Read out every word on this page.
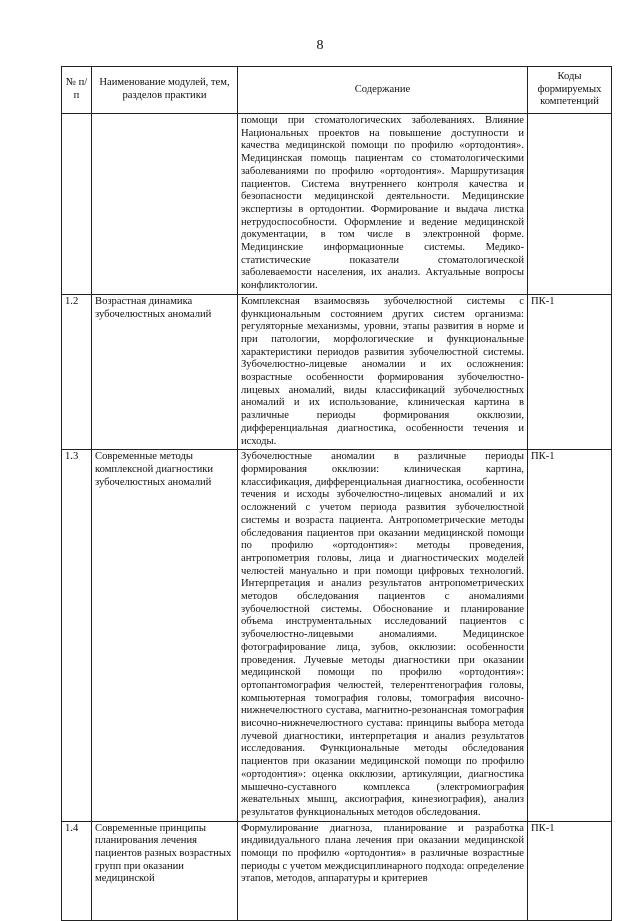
8
№ п/п	Наименование модулей, тем, разделов практики	Содержание	Коды формируемых компетенций
		помощи при стоматологических заболеваниях. Влияние Национальных проектов на повышение доступности и качества медицинской помощи по профилю «ортодонтия». Медицинская помощь пациентам со стоматологическими заболеваниями по профилю «ортодонтия». Маршрутизация пациентов. Система внутреннего контроля качества и безопасности медицинской деятельности. Медицинские экспертизы в ортодонтии. Формирование и выдача листка нетрудоспособности. Оформление и ведение медицинской документации, в том числе в электронной форме. Медицинские информационные системы. Медико-статистические показатели стоматологической заболеваемости населения, их анализ. Актуальные вопросы конфликтологии.	
1.2	Возрастная динамика зубочелюстных аномалий	Комплексная взаимосвязь зубочелюстной системы с функциональным состоянием других систем организма: регуляторные механизмы, уровни, этапы развития в норме и при патологии, морфологические и функциональные характеристики периодов развития зубочелюстной системы. Зубочелюстно-лицевые аномалии и их осложнения: возрастные особенности формирования зубочелюстно-лицевых аномалий, виды классификаций зубочелюстных аномалий и их использование, клиническая картина в различные периоды формирования окклюзии, дифференциальная диагностика, особенности течения и исходы.	ПК-1
1.3	Современные методы комплексной диагностики зубочелюстных аномалий	Зубочелюстные аномалии в различные периоды формирования окклюзии: клиническая картина, классификация, дифференциальная диагностика, особенности течения и исходы зубочелюстно-лицевых аномалий и их осложнений с учетом периода развития зубочелюстной системы и возраста пациента. Антропометрические методы обследования пациентов при оказании медицинской помощи по профилю «ортодонтия»: методы проведения, антропометрия головы, лица и диагностических моделей челюстей мануально и при помощи цифровых технологий. Интерпретация и анализ результатов антропометрических методов обследования пациентов с аномалиями зубочелюстной системы. Обоснование и планирование объема инструментальных исследований пациентов с зубочелюстно-лицевыми аномалиями. Медицинское фотографирование лица, зубов, окклюзии: особенности проведения. Лучевые методы диагностики при оказании медицинской помощи по профилю «ортодонтия»: ортопантомография челюстей, телерентгенография головы, компьютерная томография головы, томография височно-нижнечелюстного сустава, магнитно-резонансная томография височно-нижнечелюстного сустава: принципы выбора метода лучевой диагностики, интерпретация и анализ результатов исследования. Функциональные методы обследования пациентов при оказании медицинской помощи по профилю «ортодонтия»: оценка окклюзии, артикуляции, диагностика мышечно-суставного комплекса (электромиография жевательных мышц, аксиография, кинезиография), анализ результатов функциональных методов обследования.	ПК-1
1.4	Современные принципы планирования лечения пациентов разных возрастных групп при оказании медицинской	Формулирование диагноза, планирование и разработка индивидуального плана лечения при оказании медицинской помощи по профилю «ортодонтия» в различные возрастные периоды с учетом междисциплинарного подхода: определение этапов, методов, аппаратуры и критериев	ПК-1
